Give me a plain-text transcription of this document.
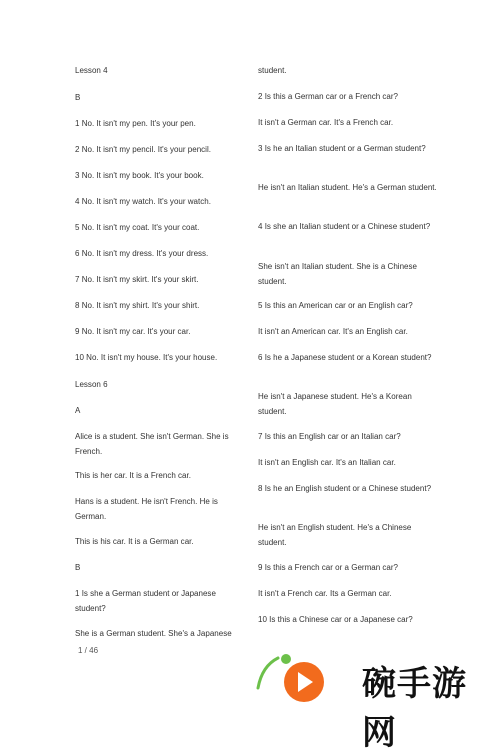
Lesson 4
B
1 No. It isn't my pen. It's your pen.
2 No. It isn't my pencil. It's your pencil.
3 No. It isn't my book. It's your book.
4 No. It isn't my watch. It's your watch.
5 No. It isn't my coat. It's your coat.
6 No. It isn't my dress. It's your dress.
7 No. It isn't my skirt. It's your skirt.
8 No. It isn't my shirt. It's your shirt.
9 No. It isn't my car. It's your car.
10 No. It isn't my house. It's your house.
Lesson 6
A
Alice is a student. She isn't German. She is French.
This is her car. It is a French car.
Hans is a student. He isn't French. He is German.
This is his car. It is a German car.
B
1 Is she a German student or Japanese student?
She is a German student. She's a Japanese
student.
2 Is this a German car or a French car?
It isn't a German car. It's a French car.
3 Is he an Italian student or a German student?
He isn't an Italian student. He's a German student.
4 Is she an Italian student or a Chinese student?
She isn't an Italian student. She is a Chinese student.
5 Is this an American car or an English car?
It isn't an American car. It's an English car.
6 Is he a Japanese student or a Korean student?
He isn't a Japanese student. He's a Korean student.
7 Is this an English car or an Italian car?
It isn't an English car. It's an Italian car.
8 Is he an English student or a Chinese student?
He isn't an English student. He's a Chinese student.
9 Is this a French car or a German car?
It isn't a French car. Its a German car.
10 Is this a Chinese car or a Japanese car?
1 / 46
碗手游网
